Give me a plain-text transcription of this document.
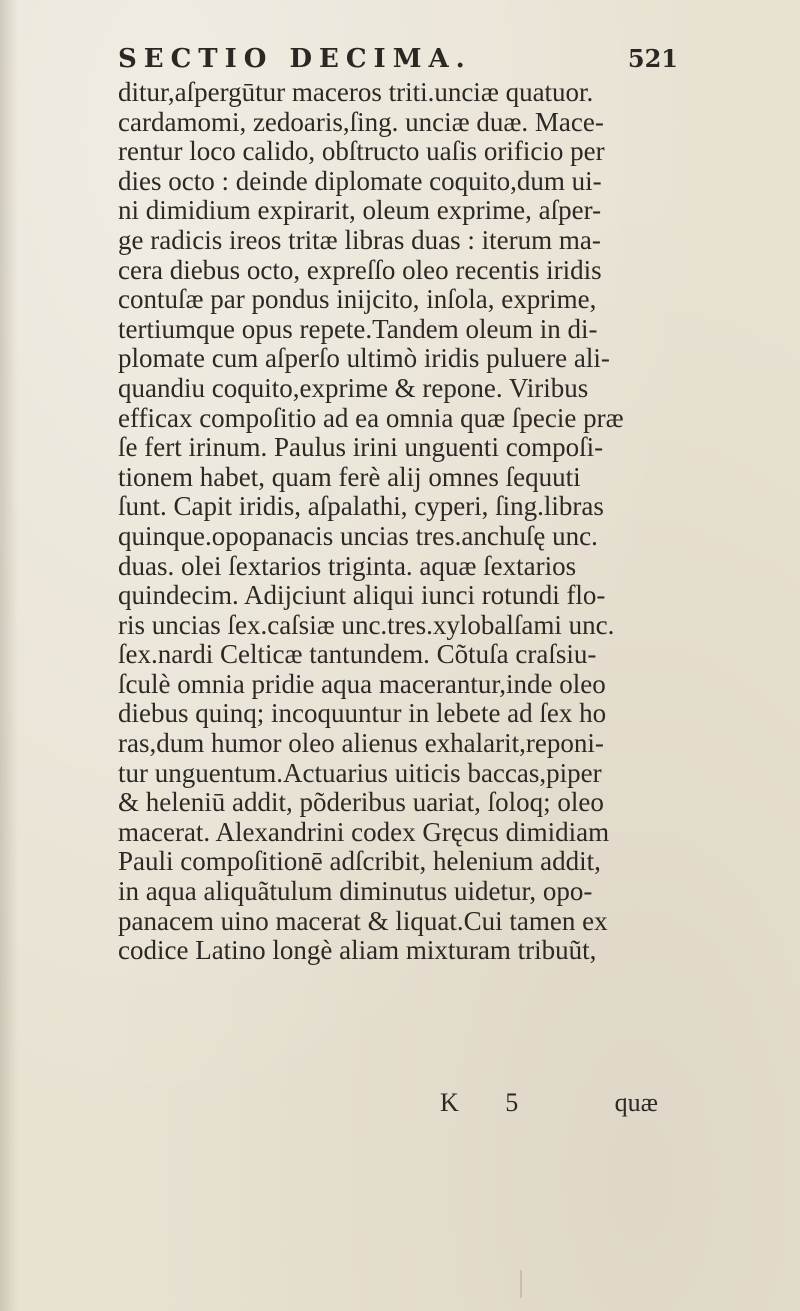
SECTIO DECIMA.	521
ditur,aſpergūtur maceros triti.unciæ quatuor.
cardamomi, zedoaris,ſing. unciæ duæ. Mace-
rentur loco calido, obſtructo uaſis orificio per
dies octo : deinde diplomate coquito,dum ui-
ni dimidium expirarit, oleum exprime, aſper-
ge radicis ireos tritæ libras duas : iterum ma-
cera diebus octo, expreſſo oleo recentis iridis
contuſæ par pondus inijcito, inſola, exprime,
tertiumque opus repete.Tandem oleum in di-
plomate cum aſperſo ultimò iridis puluere ali-
quandiu coquito,exprime & repone. Viribus
efficax compoſitio ad ea omnia quæ ſpecie præ
ſe fert irinum. Paulus irini unguenti compoſi-
tionem habet, quam ferè alij omnes ſequuti
ſunt. Capit iridis, aſpalathi, cyperi, ſing.libras
quinque.opopanacis uncias tres.anchuſę unc.
duas. olei ſextarios triginta. aquæ ſextarios
quindecim. Adijciunt aliqui iunci rotundi flo-
ris uncias ſex.caſsiæ unc.tres.xylobalſami unc.
ſex.nardi Celticæ tantundem. Cõtuſa craſsiu-
ſculè omnia pridie aqua macerantur,inde oleo
diebus quinq; incoquuntur in lebete ad ſex ho
ras,dum humor oleo alienus exhalarit,reponi-
tur unguentum.Actuarius uiticis baccas,piper
& heleniū addit, põderibus uariat, ſoloq; oleo
macerat. Alexandrini codex Gręcus dimidiam
Pauli compoſitionē adſcribit, helenium addit,
in aqua aliquãtulum diminutus uidetur, opo-
panacem uino macerat & liquat.Cui tamen ex
codice Latino longè aliam mixturam tribuũt,
K 5	quæ
